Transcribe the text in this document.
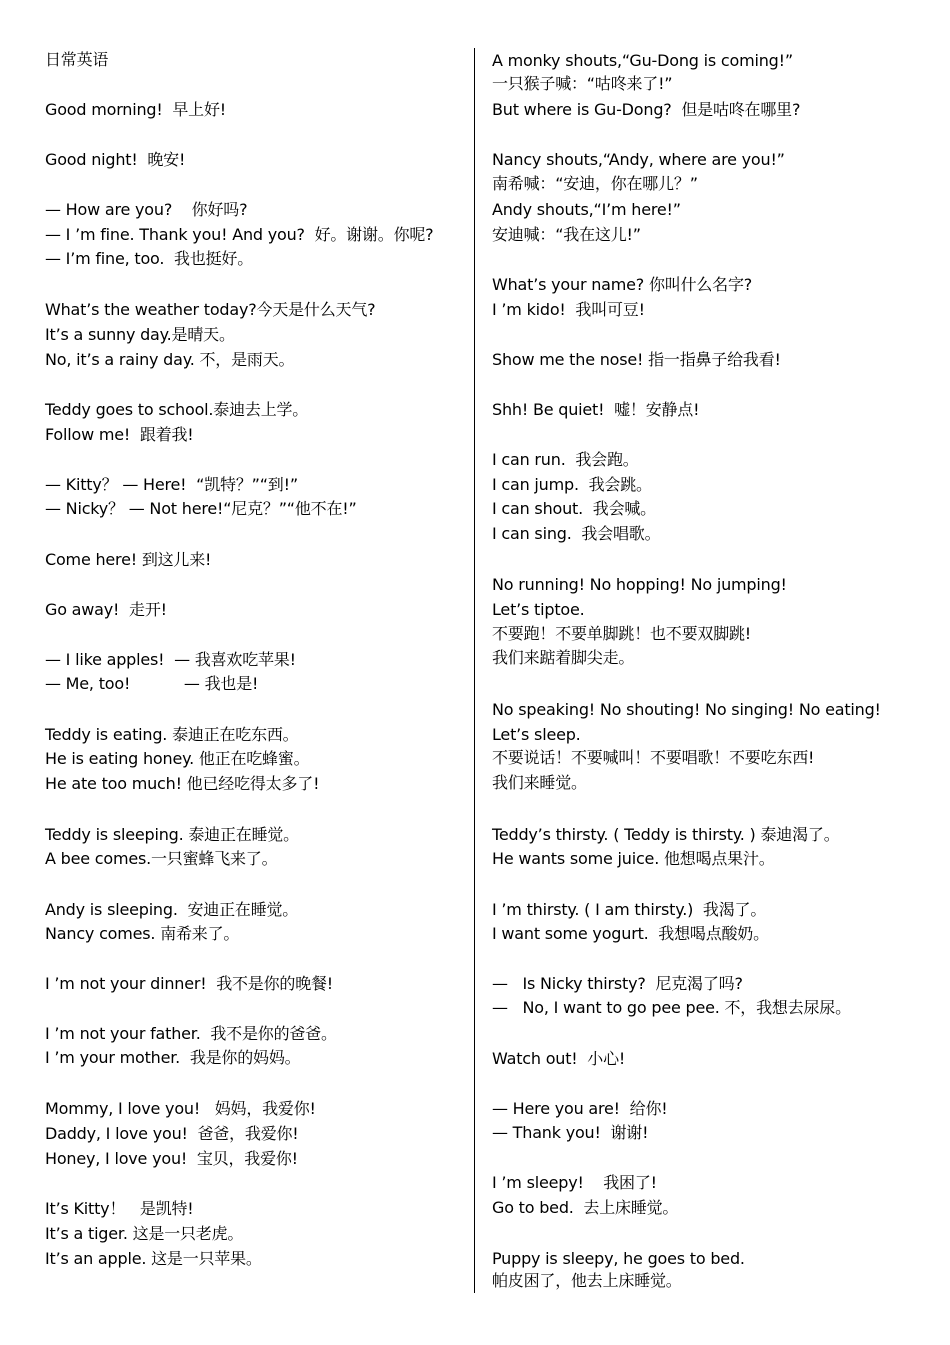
日常英语
Good morning!  早上好!
Good night!  晚安!
— How are you?    你好吗?
— I ’m fine. Thank you! And you?  好。谢谢。你呢?
— I’m fine, too.  我也挺好。
What’s the weather today?今天是什么天气?
It’s a sunny day.是晴天。
No, it’s a rainy day. 不，是雨天。
Teddy goes to school.泰迪去上学。
Follow me!  跟着我!
— Kitty？ — Here!  “凯特？”“到!”
— Nicky？ — Not here!“尼克？”“他不在!”
Come here! 到这儿来!
Go away!  走开!
— I like apples!  — 我喜欢吃苹果!
— Me, too!           — 我也是!
Teddy is eating. 泰迪正在吃东西。
He is eating honey. 他正在吃蜂蜜。
He ate too much! 他已经吃得太多了!
Teddy is sleeping. 泰迪正在睡觉。
A bee comes.一只蜜蜂飞来了。
Andy is sleeping.  安迪正在睡觉。
Nancy comes. 南希来了。
I ’m not your dinner!  我不是你的晚餐!
I ’m not your father.  我不是你的爸爸。
I ’m your mother.  我是你的妈妈。
Mommy, I love you!   妈妈，我爱你!
Daddy, I love you!  爸爸，我爱你!
Honey, I love you!  宝贝，我爱你!
It’s Kitty！   是凯特!
It’s a tiger. 这是一只老虎。
It’s an apple. 这是一只苹果。
A monky shouts,“Gu-Dong is coming!”
一只猴子喊：“咕咚来了!”
But where is Gu-Dong?  但是咕咚在哪里?
Nancy shouts,“Andy, where are you!”
南希喊：“安迪，你在哪儿？”
Andy shouts,“I’m here!”
安迪喊：“我在这儿!”
What’s your name? 你叫什么名字?
I ’m kido!  我叫可豆!
Show me the nose! 指一指鼻子给我看!
Shh! Be quiet!  嘘！安静点!
I can run.  我会跑。
I can jump.  我会跳。
I can shout.  我会喊。
I can sing.  我会唱歌。
No running! No hopping! No jumping!
Let’s tiptoe.
不要跑！不要单脚跳！也不要双脚跳!
我们来踮着脚尖走。
No speaking! No shouting! No singing! No eating!
Let’s sleep.
不要说话！不要喊叫！不要唱歌！不要吃东西!
我们来睡觉。
Teddy’s thirsty. ( Teddy is thirsty. ) 泰迪渴了。
He wants some juice. 他想喝点果汁。
I ’m thirsty. ( I am thirsty.)  我渴了。
I want some yogurt.  我想喝点酸奶。
—   Is Nicky thirsty?  尼克渴了吗?
—   No, I want to go pee pee. 不，我想去尿尿。
Watch out!  小心!
— Here you are!  给你!
— Thank you!  谢谢!
I ’m sleepy!    我困了!
Go to bed.  去上床睡觉。
Puppy is sleepy, he goes to bed.
帕皮困了，他去上床睡觉。
